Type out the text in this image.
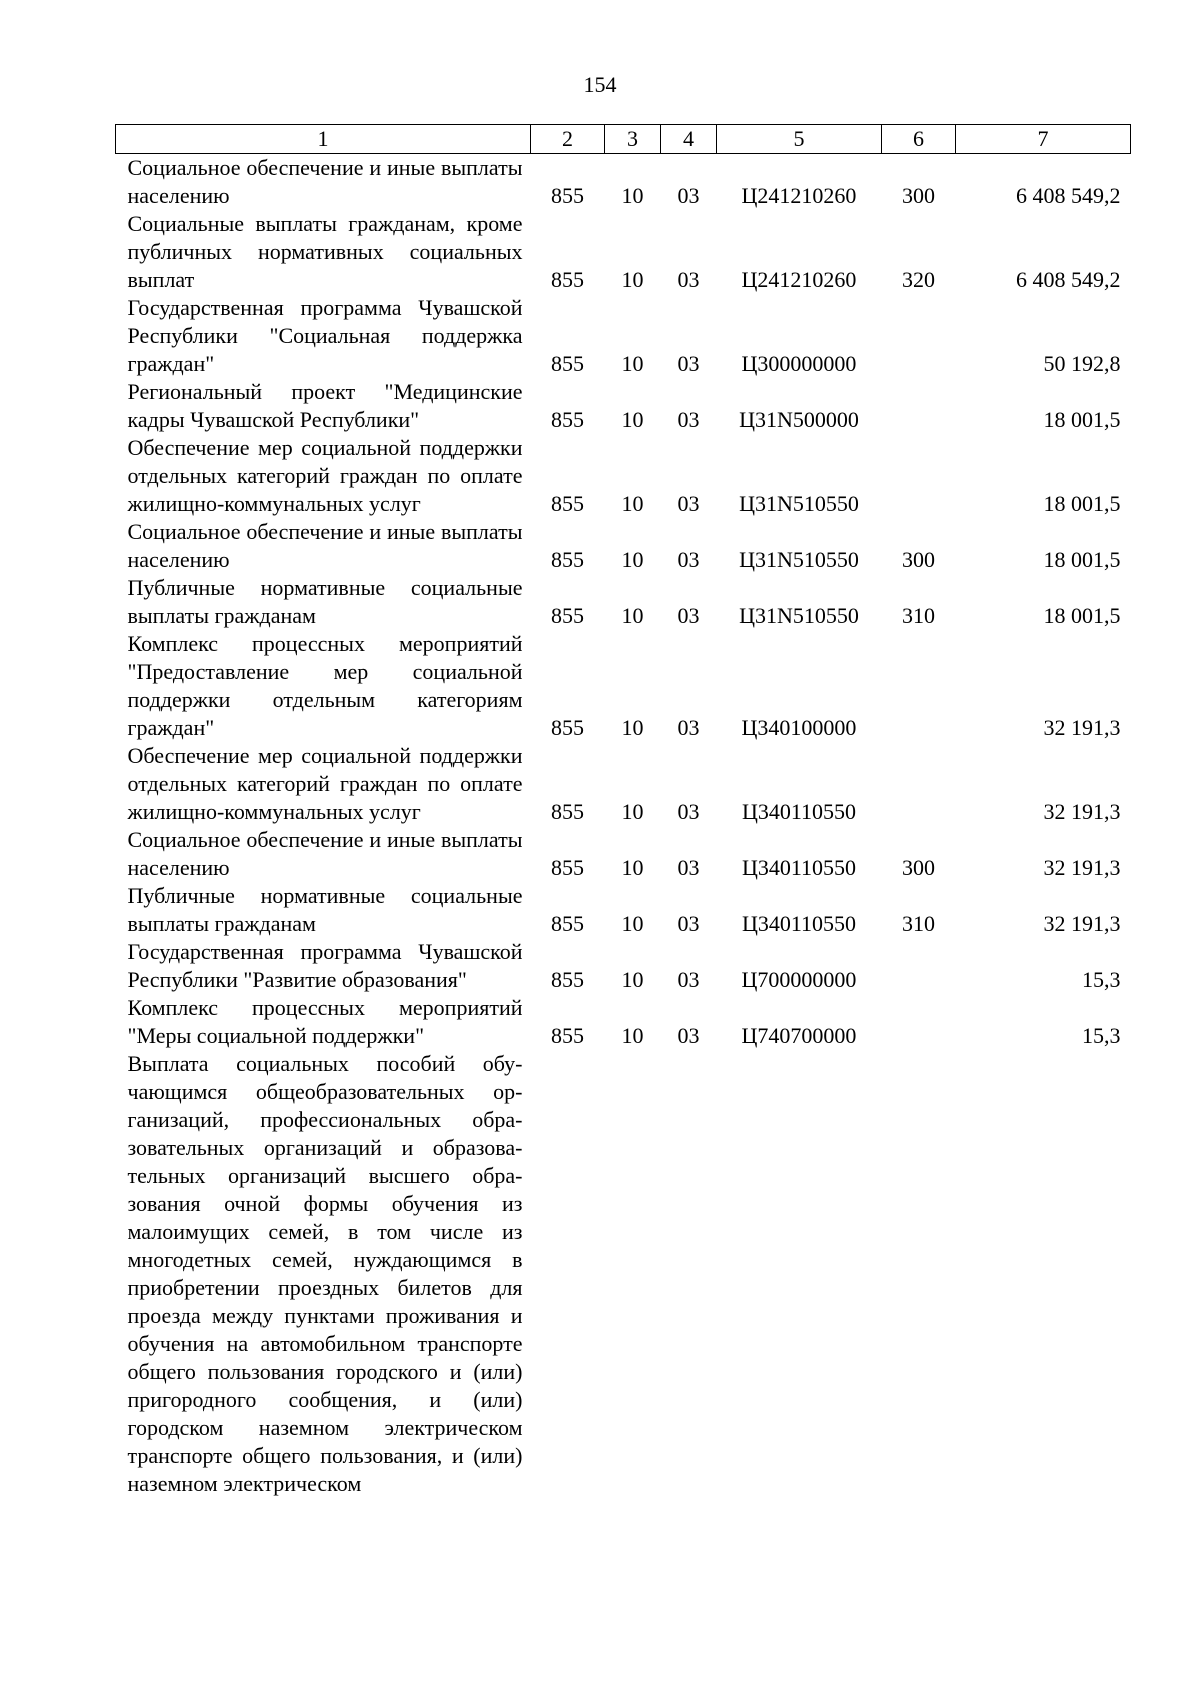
154
1	2	3	4	5	6	7
Социальное обеспечение и иные выплаты населению	855	10	03	Ц241210260	300	6 408 549,2
Социальные выплаты гражданам, кроме публичных нормативных социальных выплат	855	10	03	Ц241210260	320	6 408 549,2
Государственная программа Чувашской Республики "Социальная поддержка граждан"	855	10	03	Ц300000000		50 192,8
Региональный проект "Медицинские кадры Чувашской Республики"	855	10	03	Ц31N500000		18 001,5
Обеспечение мер социальной поддержки отдельных категорий граждан по оплате жилищно-коммунальных услуг	855	10	03	Ц31N510550		18 001,5
Социальное обеспечение и иные выплаты населению	855	10	03	Ц31N510550	300	18 001,5
Публичные нормативные социальные выплаты гражданам	855	10	03	Ц31N510550	310	18 001,5
Комплекс процессных мероприятий "Предоставление мер социальной поддержки отдельным категориям граждан"	855	10	03	Ц340100000		32 191,3
Обеспечение мер социальной поддержки отдельных категорий граждан по оплате жилищно-коммунальных услуг	855	10	03	Ц340110550		32 191,3
Социальное обеспечение и иные выплаты населению	855	10	03	Ц340110550	300	32 191,3
Публичные нормативные социальные выплаты гражданам	855	10	03	Ц340110550	310	32 191,3
Государственная программа Чувашской Республики "Развитие образования"	855	10	03	Ц700000000		15,3
Комплекс процессных мероприятий "Меры социальной поддержки"	855	10	03	Ц740700000		15,3
Выплата социальных пособий обучающимся общеобразовательных организаций, профессиональных образовательных организаций и образовательных организаций высшего образования очной формы обучения из малоимущих семей, в том числе из многодетных семей, нуждающимся в приобретении проездных билетов для проезда между пунктами проживания и обучения на автомобильном транспорте общего пользования городского и (или) пригородного сообщения, и (или) городском наземном электрическом транспорте общего пользования, и (или) наземном электрическом						
